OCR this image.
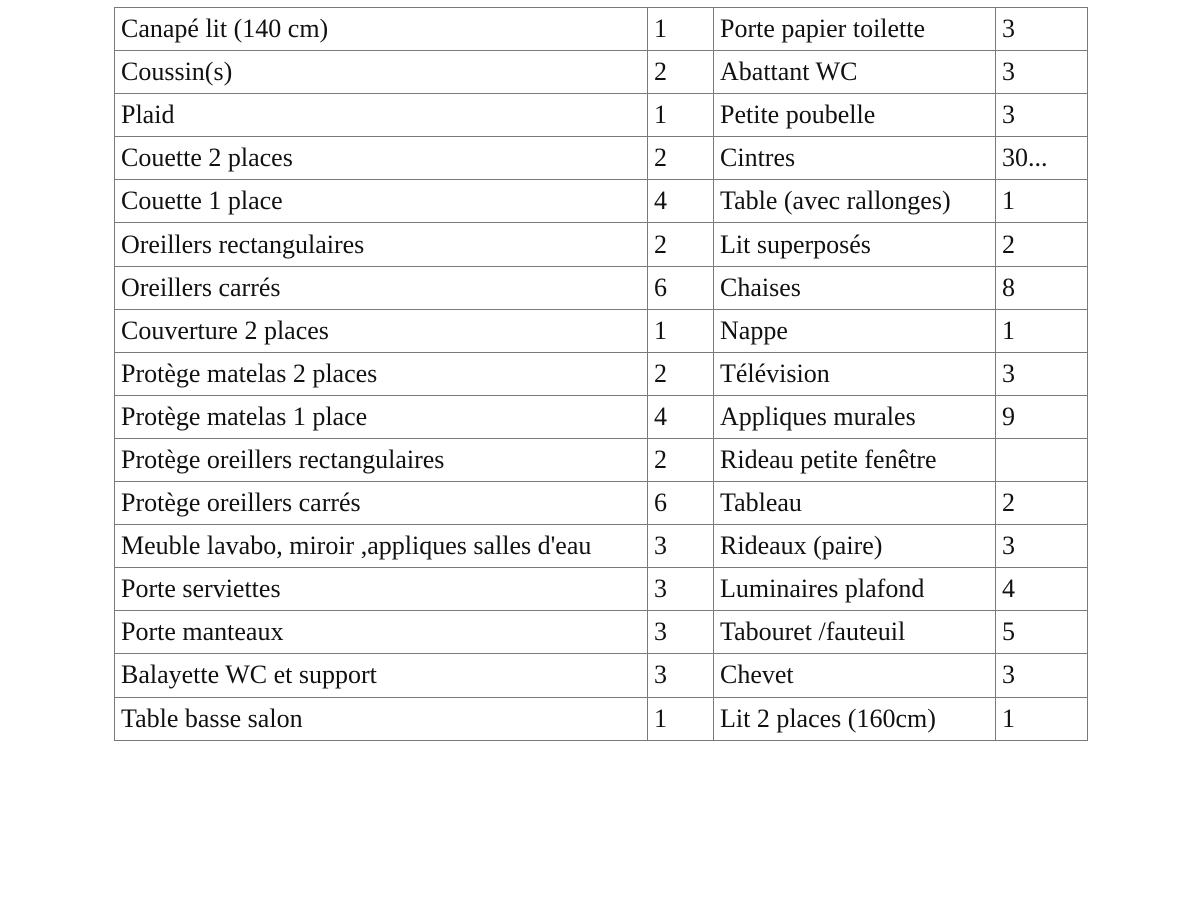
Canapé lit (140 cm)	1	Porte papier toilette	3
Coussin(s)	2	Abattant WC	3
Plaid	1	Petite poubelle	3
Couette 2 places	2	Cintres	30...
Couette 1 place	4	Table (avec rallonges)	1
Oreillers rectangulaires	2	Lit superposés	2
Oreillers carrés	6	Chaises	8
Couverture 2 places	1	Nappe	1
Protège matelas 2 places	2	Télévision	3
Protège matelas 1 place	4	Appliques murales	9
Protège oreillers rectangulaires	2	Rideau petite fenêtre	
Protège oreillers carrés	6	Tableau	2
Meuble lavabo, miroir ,appliques salles d'eau	3	Rideaux (paire)	3
Porte serviettes	3	Luminaires plafond	4
Porte manteaux	3	Tabouret /fauteuil	5
Balayette WC et support	3	Chevet	3
Table basse salon	1	Lit 2 places (160cm)	1
